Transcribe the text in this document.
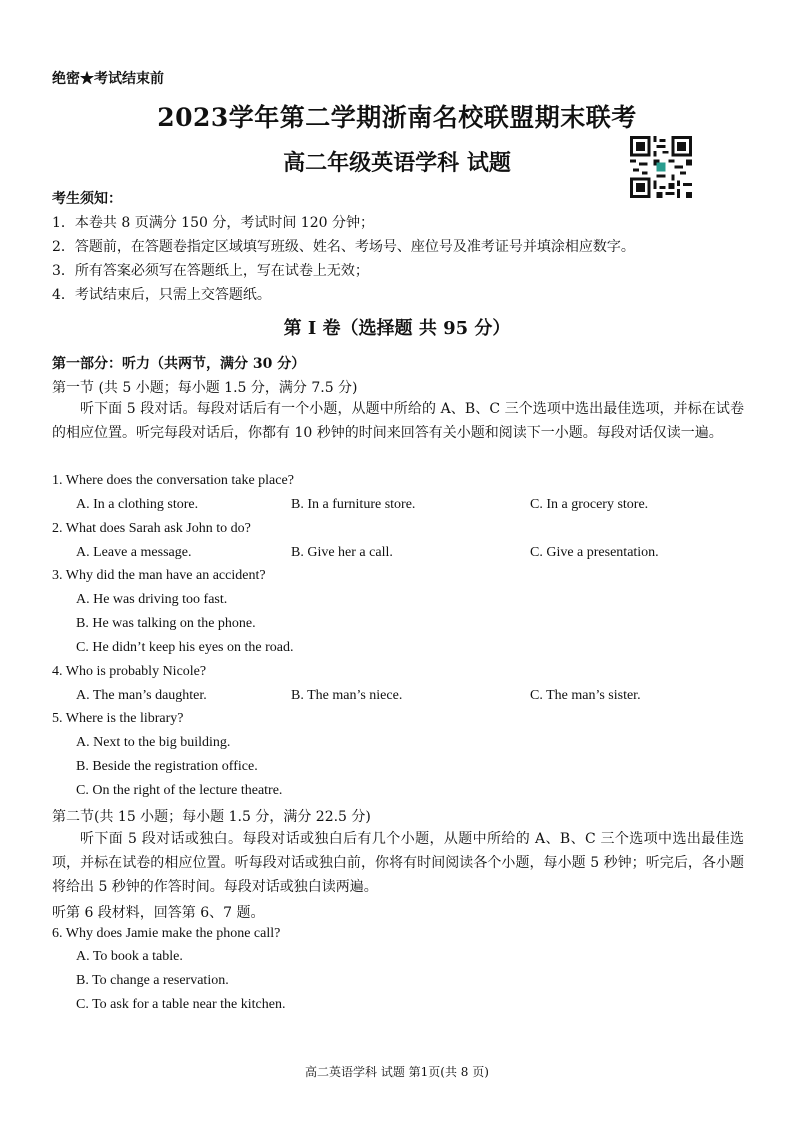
绝密★考试结束前
2023学年第二学期浙南名校联盟期末联考
高二年级英语学科 试题
考生须知：
1．本卷共 8 页满分 150 分，考试时间 120 分钟；
2．答题前，在答题卷指定区域填写班级、姓名、考场号、座位号及准考证号并填涂相应数字。
3．所有答案必须写在答题纸上，写在试卷上无效；
4．考试结束后，只需上交答题纸。
第 I 卷（选择题 共 95 分）
第一部分：听力（共两节，满分 30 分）
第一节 (共 5 小题；每小题 1.5 分，满分 7.5 分)
听下面 5 段对话。每段对话后有一个小题，从题中所给的 A、B、C 三个选项中选出最佳选项，并标在试卷的相应位置。听完每段对话后，你都有 10 秒钟的时间来回答有关小题和阅读下一小题。每段对话仅读一遍。
1. Where does the conversation take place?
A. In a clothing store.	B. In a furniture store.	C. In a grocery store.
2. What does Sarah ask John to do?
A. Leave a message.	B. Give her a call.	C. Give a presentation.
3. Why did the man have an accident?
A. He was driving too fast.
B. He was talking on the phone.
C. He didn’t keep his eyes on the road.
4. Who is probably Nicole?
A. The man’s daughter.	B. The man’s niece.	C. The man’s sister.
5. Where is the library?
A. Next to the big building.
B. Beside the registration office.
C. On the right of the lecture theatre.
第二节(共 15 小题；每小题 1.5 分，满分 22.5 分)
听下面 5 段对话或独白。每段对话或独白后有几个小题，从题中所给的 A、B、C 三个选项中选出最佳选项，并标在试卷的相应位置。听每段对话或独白前，你将有时间阅读各个小题，每小题 5 秒钟；听完后，各小题将给出 5 秒钟的作答时间。每段对话或独白读两遍。
听第 6 段材料，回答第 6、7 题。
6. Why does Jamie make the phone call?
A. To book a table.
B. To change a reservation.
C. To ask for a table near the kitchen.
高二英语学科 试题 第1页(共 8 页)
